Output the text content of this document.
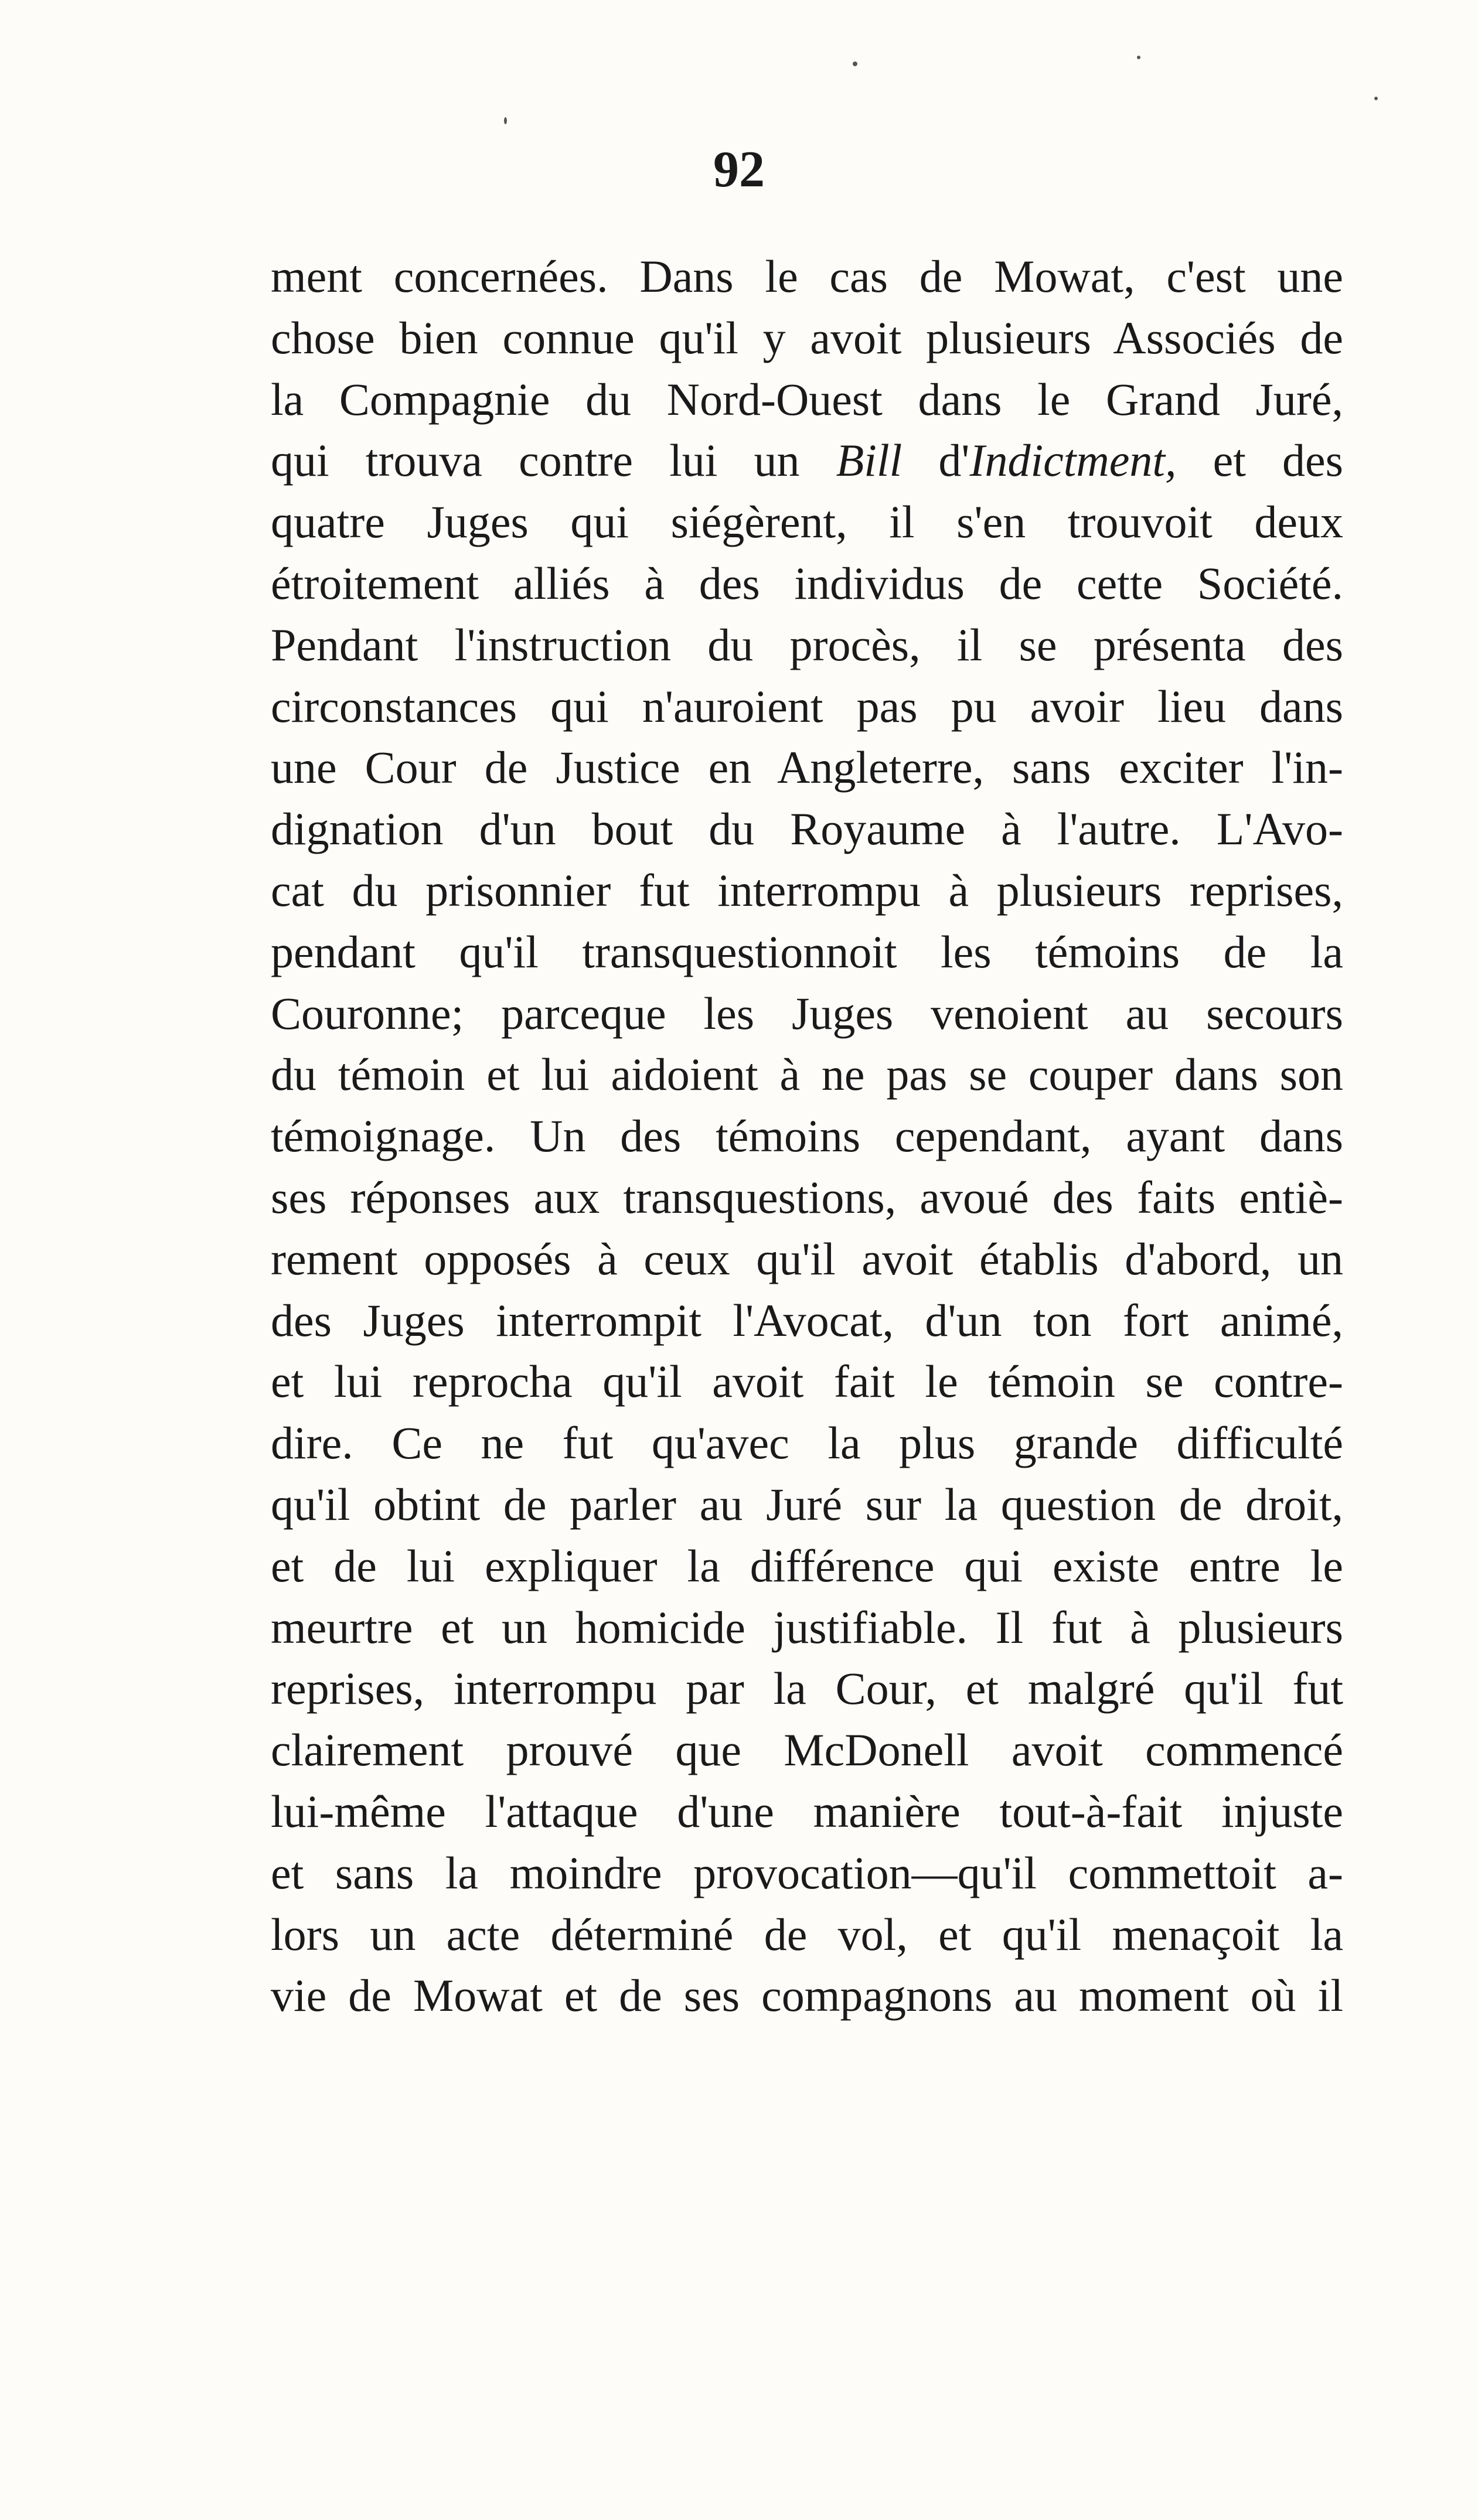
92

ment concernées. Dans le cas de Mowat, c'est une
chose bien connue qu'il y avoit plusieurs Associés de
la Compagnie du Nord-Ouest dans le Grand Juré,
qui trouva contre lui un Bill d'Indictment, et des
quatre Juges qui siégèrent, il s'en trouvoit deux
étroitement alliés à des individus de cette Société.
Pendant l'instruction du procès, il se présenta des
circonstances qui n'auroient pas pu avoir lieu dans
une Cour de Justice en Angleterre, sans exciter l'in-
dignation d'un bout du Royaume à l'autre. L'Avo-
cat du prisonnier fut interrompu à plusieurs reprises,
pendant qu'il transquestionnoit les témoins de la
Couronne; parceque les Juges venoient au secours
du témoin et lui aidoient à ne pas se couper dans son
témoignage. Un des témoins cependant, ayant dans
ses réponses aux transquestions, avoué des faits entiè-
rement opposés à ceux qu'il avoit établis d'abord, un
des Juges interrompit l'Avocat, d'un ton fort animé,
et lui reprocha qu'il avoit fait le témoin se contre-
dire. Ce ne fut qu'avec la plus grande difficulté
qu'il obtint de parler au Juré sur la question de droit,
et de lui expliquer la différence qui existe entre le
meurtre et un homicide justifiable. Il fut à plusieurs
reprises, interrompu par la Cour, et malgré qu'il fut
clairement prouvé que McDonell avoit commencé
lui-même l'attaque d'une manière tout-à-fait injuste
et sans la moindre provocation—qu'il commettoit a-
lors un acte déterminé de vol, et qu'il menaçoit la
vie de Mowat et de ses compagnons au moment où il
